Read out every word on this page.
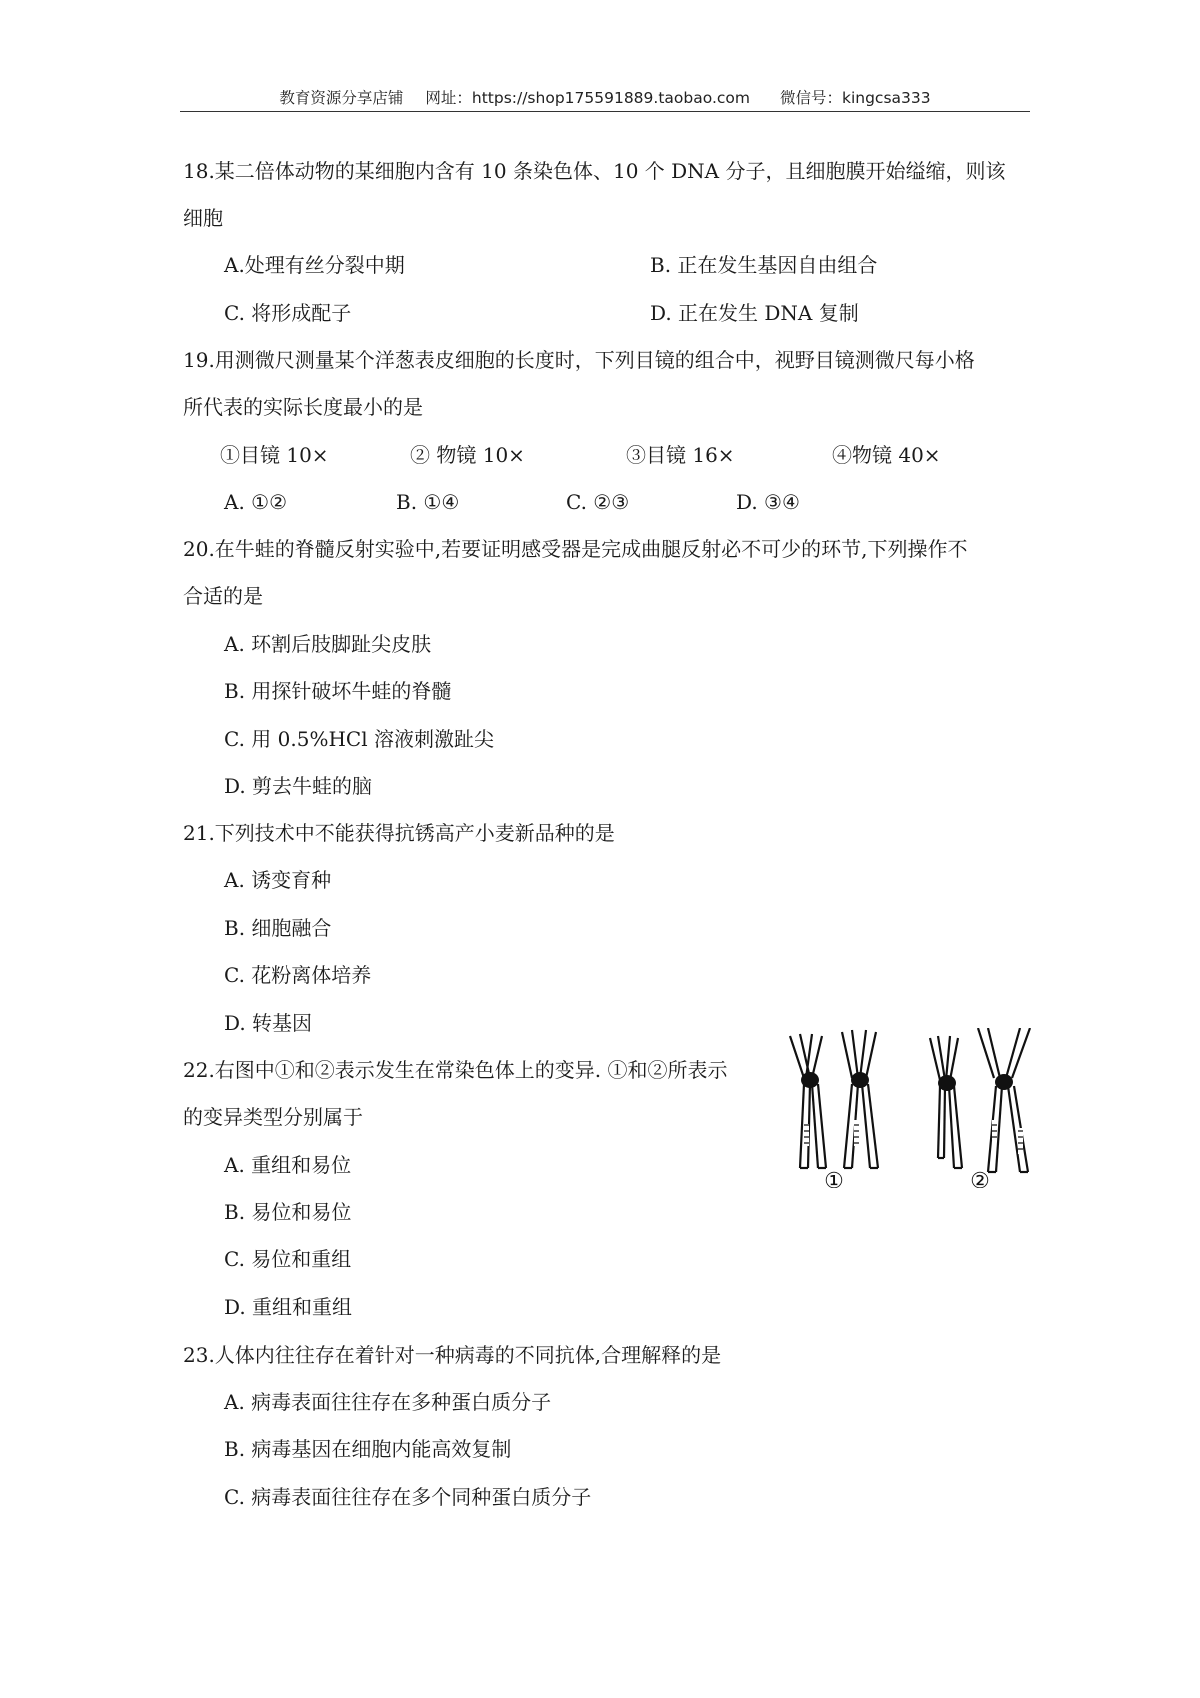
教育资源分享店铺 网址：https://shop175591889.taobao.com 微信号：kingcsa333
18.某二倍体动物的某细胞内含有 10 条染色体、10 个 DNA 分子，且细胞膜开始缢缩，则该
细胞
A.处理有丝分裂中期	B. 正在发生基因自由组合
C. 将形成配子	D. 正在发生 DNA 复制
19.用测微尺测量某个洋葱表皮细胞的长度时，下列目镜的组合中，视野目镜测微尺每小格
所代表的实际长度最小的是
①目镜 10×	② 物镜 10×	③目镜 16×	④物镜 40×
A. ①②	B. ①④	C. ②③	D. ③④
20.在牛蛙的脊髓反射实验中,若要证明感受器是完成曲腿反射必不可少的环节,下列操作不
合适的是
A. 环割后肢脚趾尖皮肤
B. 用探针破坏牛蛙的脊髓
C. 用 0.5%HCl 溶液刺激趾尖
D. 剪去牛蛙的脑
21.下列技术中不能获得抗锈高产小麦新品种的是
A. 诱变育种
B. 细胞融合
C. 花粉离体培养
D. 转基因
22.右图中①和②表示发生在常染色体上的变异. ①和②所表示
的变异类型分别属于
A. 重组和易位
B. 易位和易位
C. 易位和重组
D. 重组和重组
①	②
23.人体内往往存在着针对一种病毒的不同抗体,合理解释的是
A. 病毒表面往往存在多种蛋白质分子
B. 病毒基因在细胞内能高效复制
C. 病毒表面往往存在多个同种蛋白质分子
